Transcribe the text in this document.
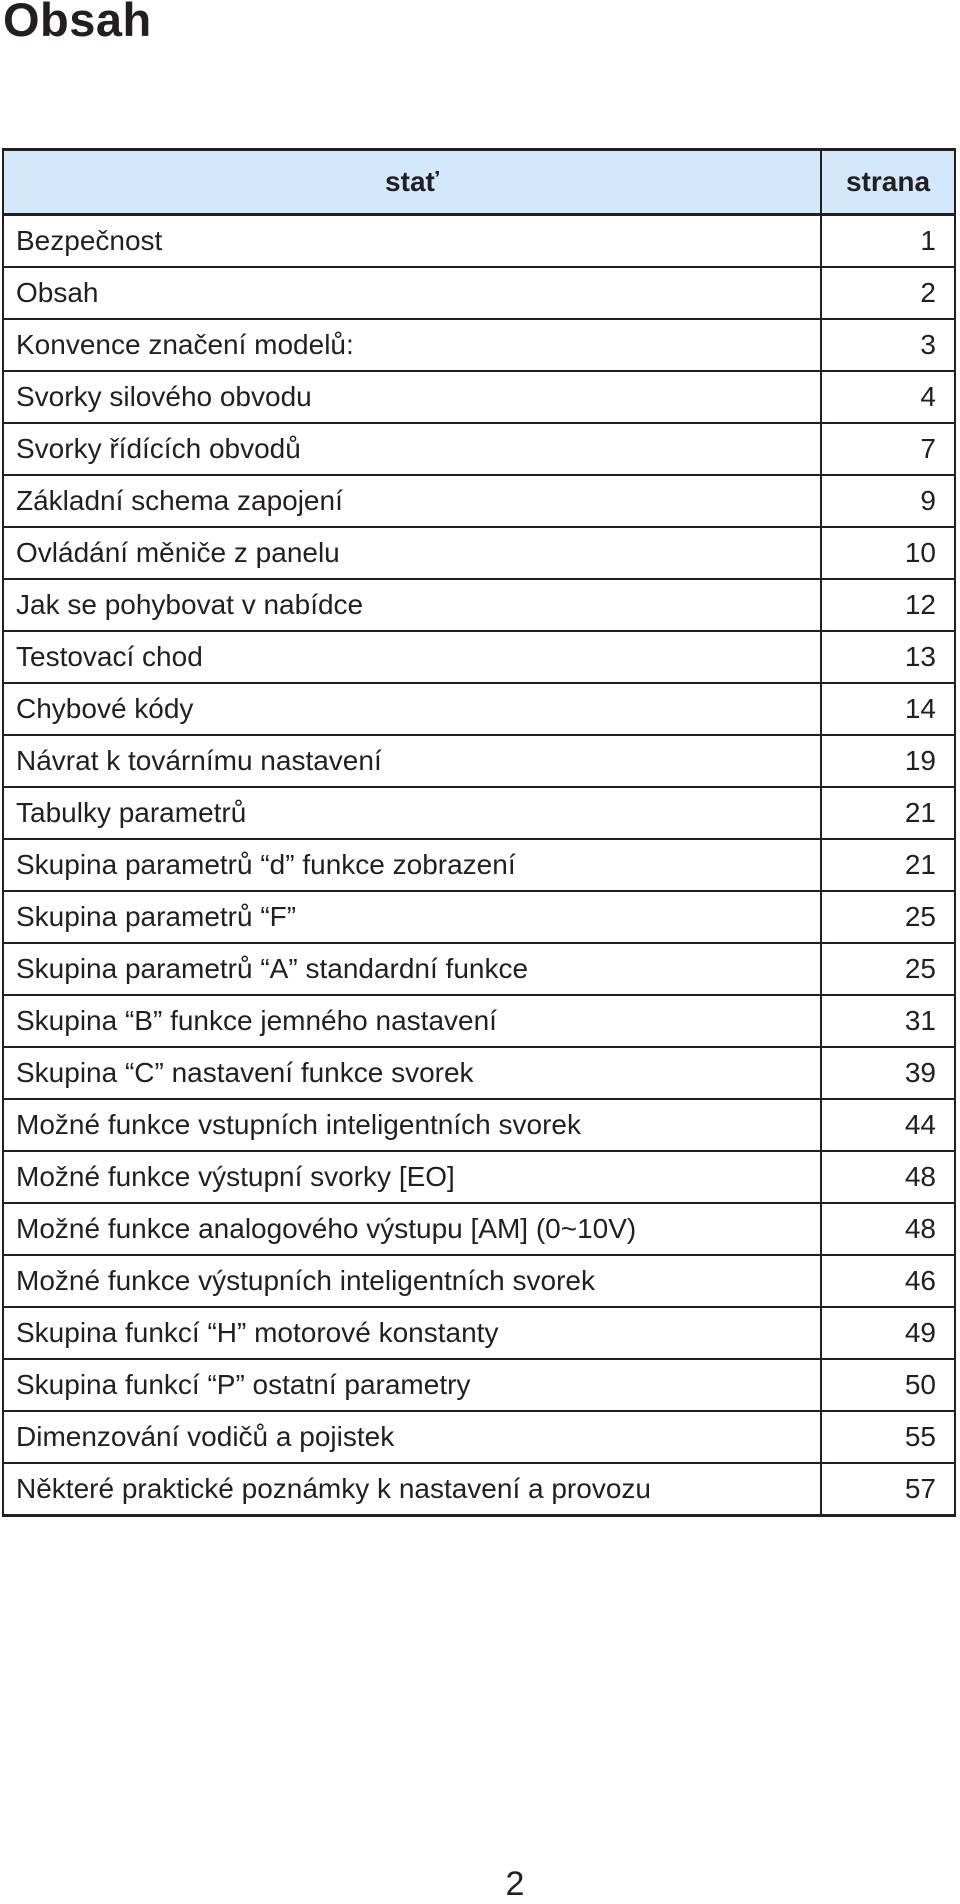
Obsah
stať	strana
Bezpečnost	1
Obsah	2
Konvence značení modelů:	3
Svorky silového obvodu	4
Svorky řídících obvodů	7
Základní schema zapojení	9
Ovládání měniče z panelu	10
Jak se pohybovat v nabídce	12
Testovací chod	13
Chybové kódy	14
Návrat k továrnímu nastavení	19
Tabulky parametrů	21
Skupina parametrů “d” funkce zobrazení	21
Skupina parametrů “F”	25
Skupina parametrů “A” standardní funkce	25
Skupina “B” funkce jemného nastavení	31
Skupina “C” nastavení funkce svorek	39
Možné funkce vstupních inteligentních svorek	44
Možné funkce výstupní svorky [EO]	48
Možné funkce analogového výstupu [AM] (0~10V)	48
Možné funkce výstupních inteligentních svorek	46
Skupina funkcí “H” motorové konstanty	49
Skupina funkcí “P” ostatní parametry	50
Dimenzování vodičů a pojistek	55
Některé praktické poznámky k nastavení a provozu	57
2
